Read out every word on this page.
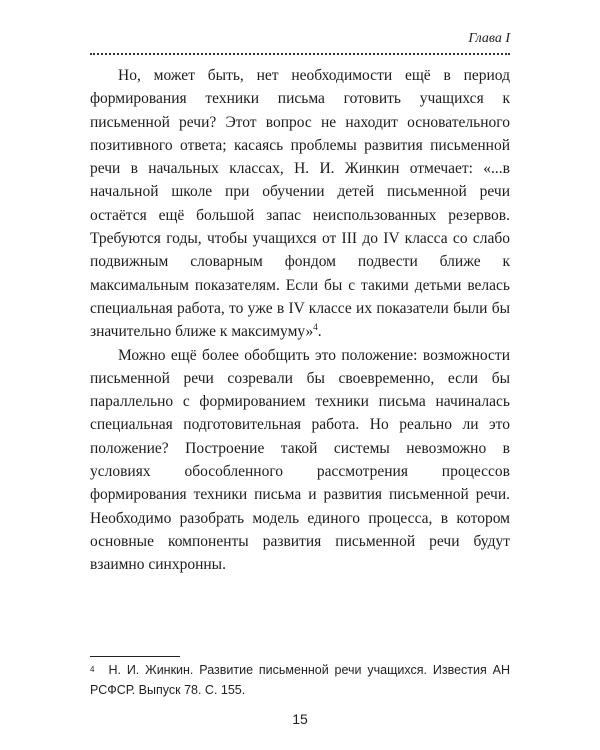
Глава I

Но, может быть, нет необходимости ещё в период формирования техники письма готовить учащихся к письменной речи? Этот вопрос не находит основательного позитивного ответа; касаясь проблемы развития письменной речи в начальных классах, Н. И. Жинкин отмечает: «...в начальной школе при обучении детей письменной речи остаётся ещё большой запас неиспользованных резервов. Требуются годы, чтобы учащихся от III до IV класса со слабо подвижным словарным фондом подвести ближе к максимальным показателям. Если бы с такими детьми велась специальная работа, то уже в IV классе их показатели были бы значительно ближе к максимуму»$^4$.

Можно ещё более обобщить это положение: возможности письменной речи созревали бы своевременно, если бы параллельно с формированием техники письма начиналась специальная подготовительная работа. Но реально ли это положение? Построение такой системы невозможно в условиях обособленного рассмотрения процессов формирования техники письма и развития письменной речи. Необходимо разобрать модель единого процесса, в котором основные компоненты развития письменной речи будут взаимно синхронны.

$^4$ Н. И. Жинкин. Развитие письменной речи учащихся. Известия АН РСФСР. Выпуск 78. С. 155.
15
